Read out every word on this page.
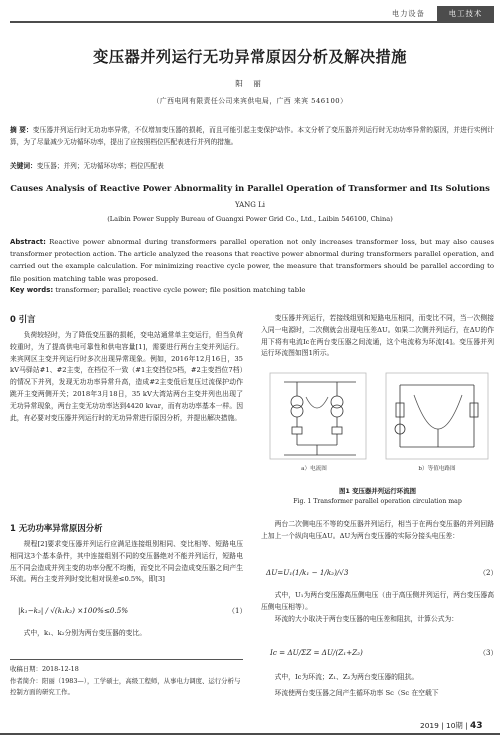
电力设备	电工技术
变压器并列运行无功异常原因分析及解决措施
阳 丽
（广西电网有限责任公司来宾供电局，广西 来宾 546100）
摘 要：变压器并列运行时无功功率异常，不仅增加变压器的损耗，而且可能引起主变保护动作。本文分析了变压器并列运行时无功功率异常的原因，并进行实例计算，为了尽量减少无功循环功率，提出了应按照档位匹配表进行并列的措施。
关键词：变压器；并列；无功循环功率；档位匹配表
Causes Analysis of Reactive Power Abnormality in Parallel Operation of Transformer and Its Solutions
YANG Li
(Laibin Power Supply Bureau of Guangxi Power Grid Co., Ltd., Laibin 546100, China)
Abstract: Reactive power abnormal during transformers parallel operation not only increases transformer loss, but may also causes transformer protection action. The article analyzed the reasons that reactive power abnormal during transformers parallel operation, and carried out the example calculation. For minimizing reactive cycle power, the measure that transformers should be parallel according to file position matching table was proposed.
Key words: transformer; parallel; reactive cycle power; file position matching table
0 引言
负荷较轻时，为了降低变压器的损耗，变电站通常单主变运行，但当负荷较重时，为了提高供电可靠性和供电容量[1]，需要进行两台主变并列运行。来宾网区主变并列运行时多次出现异常现象。例如，2016年12月16日，35 kV马驿站#1、#2主变，在档位不一致（#1主变挡位5档，#2主变挡位7档）的情况下并列，发现无功功率异常升高，造成#2主变低后复压过流保护动作跳开主变两侧开关；2018年3月18日，35 kV大湾站两台主变并列也出现了无功异常现象，两台主变无功功率达到4420 kvar，而有功功率基本一样。因此，有必要对变压器并列运行时的无功异常进行原因分析，并提出解决措施。
1 无功功率异常原因分析
规程[2]要求变压器并列运行应满足连接组别相同、变比相等、短路电压相同这3个基本条件，其中连接组别不同的变压器绝对不能并列运行，短路电压不同会造成并列主变的功率分配不均衡，而变比不同会造成变压器之间产生环流。两台主变并列时变比相对误差≤0.5%，即[3]
|k₁−k₂| / √(k₁k₂) ×100%≤0.5%	（1）
式中，k₁、k₂分别为两台变压器的变比。
收稿日期：2018-12-18
作者简介：阳丽（1983—），工学硕士，高级工程师，从事电力调度、运行分析与控制方面的研究工作。
变压器并列运行，若接线组别和短路电压相同，而变比不同，当一次侧接入同一电源时，二次侧就会出现电压差ΔU。如果二次侧并列运行，在ΔU的作用下将有电流Ic在两台变压器之间流通，这个电流称为环流[4]。变压器并列运行环流图如图1所示。
a）电流图	b）等值电路图
图1 变压器并列运行环流图
Fig. 1 Transformer parallel operation circulation map
两台二次侧电压不等的变压器并列运行，相当于在两台变压器的并列回路上加上一个纵向电压ΔU。ΔU为两台变压器的实际分接头电压差：
ΔU=U₁(1/k₁ − 1/k₂)/√3	（2）
式中，U₁为两台变压器高压侧电压（由于高压侧并列运行，两台变压器高压侧电压相等）。
环流的大小取决于两台变压器的电压差和阻抗，计算公式为：
Ic = ΔU/ΣZ = ΔU/(Z₁+Z₂)	（3）
式中，Ic为环流；Z₁、Z₂为两台变压器的阻抗。
环流使两台变压器之间产生循环功率 Sc（Sc 在空载下
2019 | 10期 | 43
